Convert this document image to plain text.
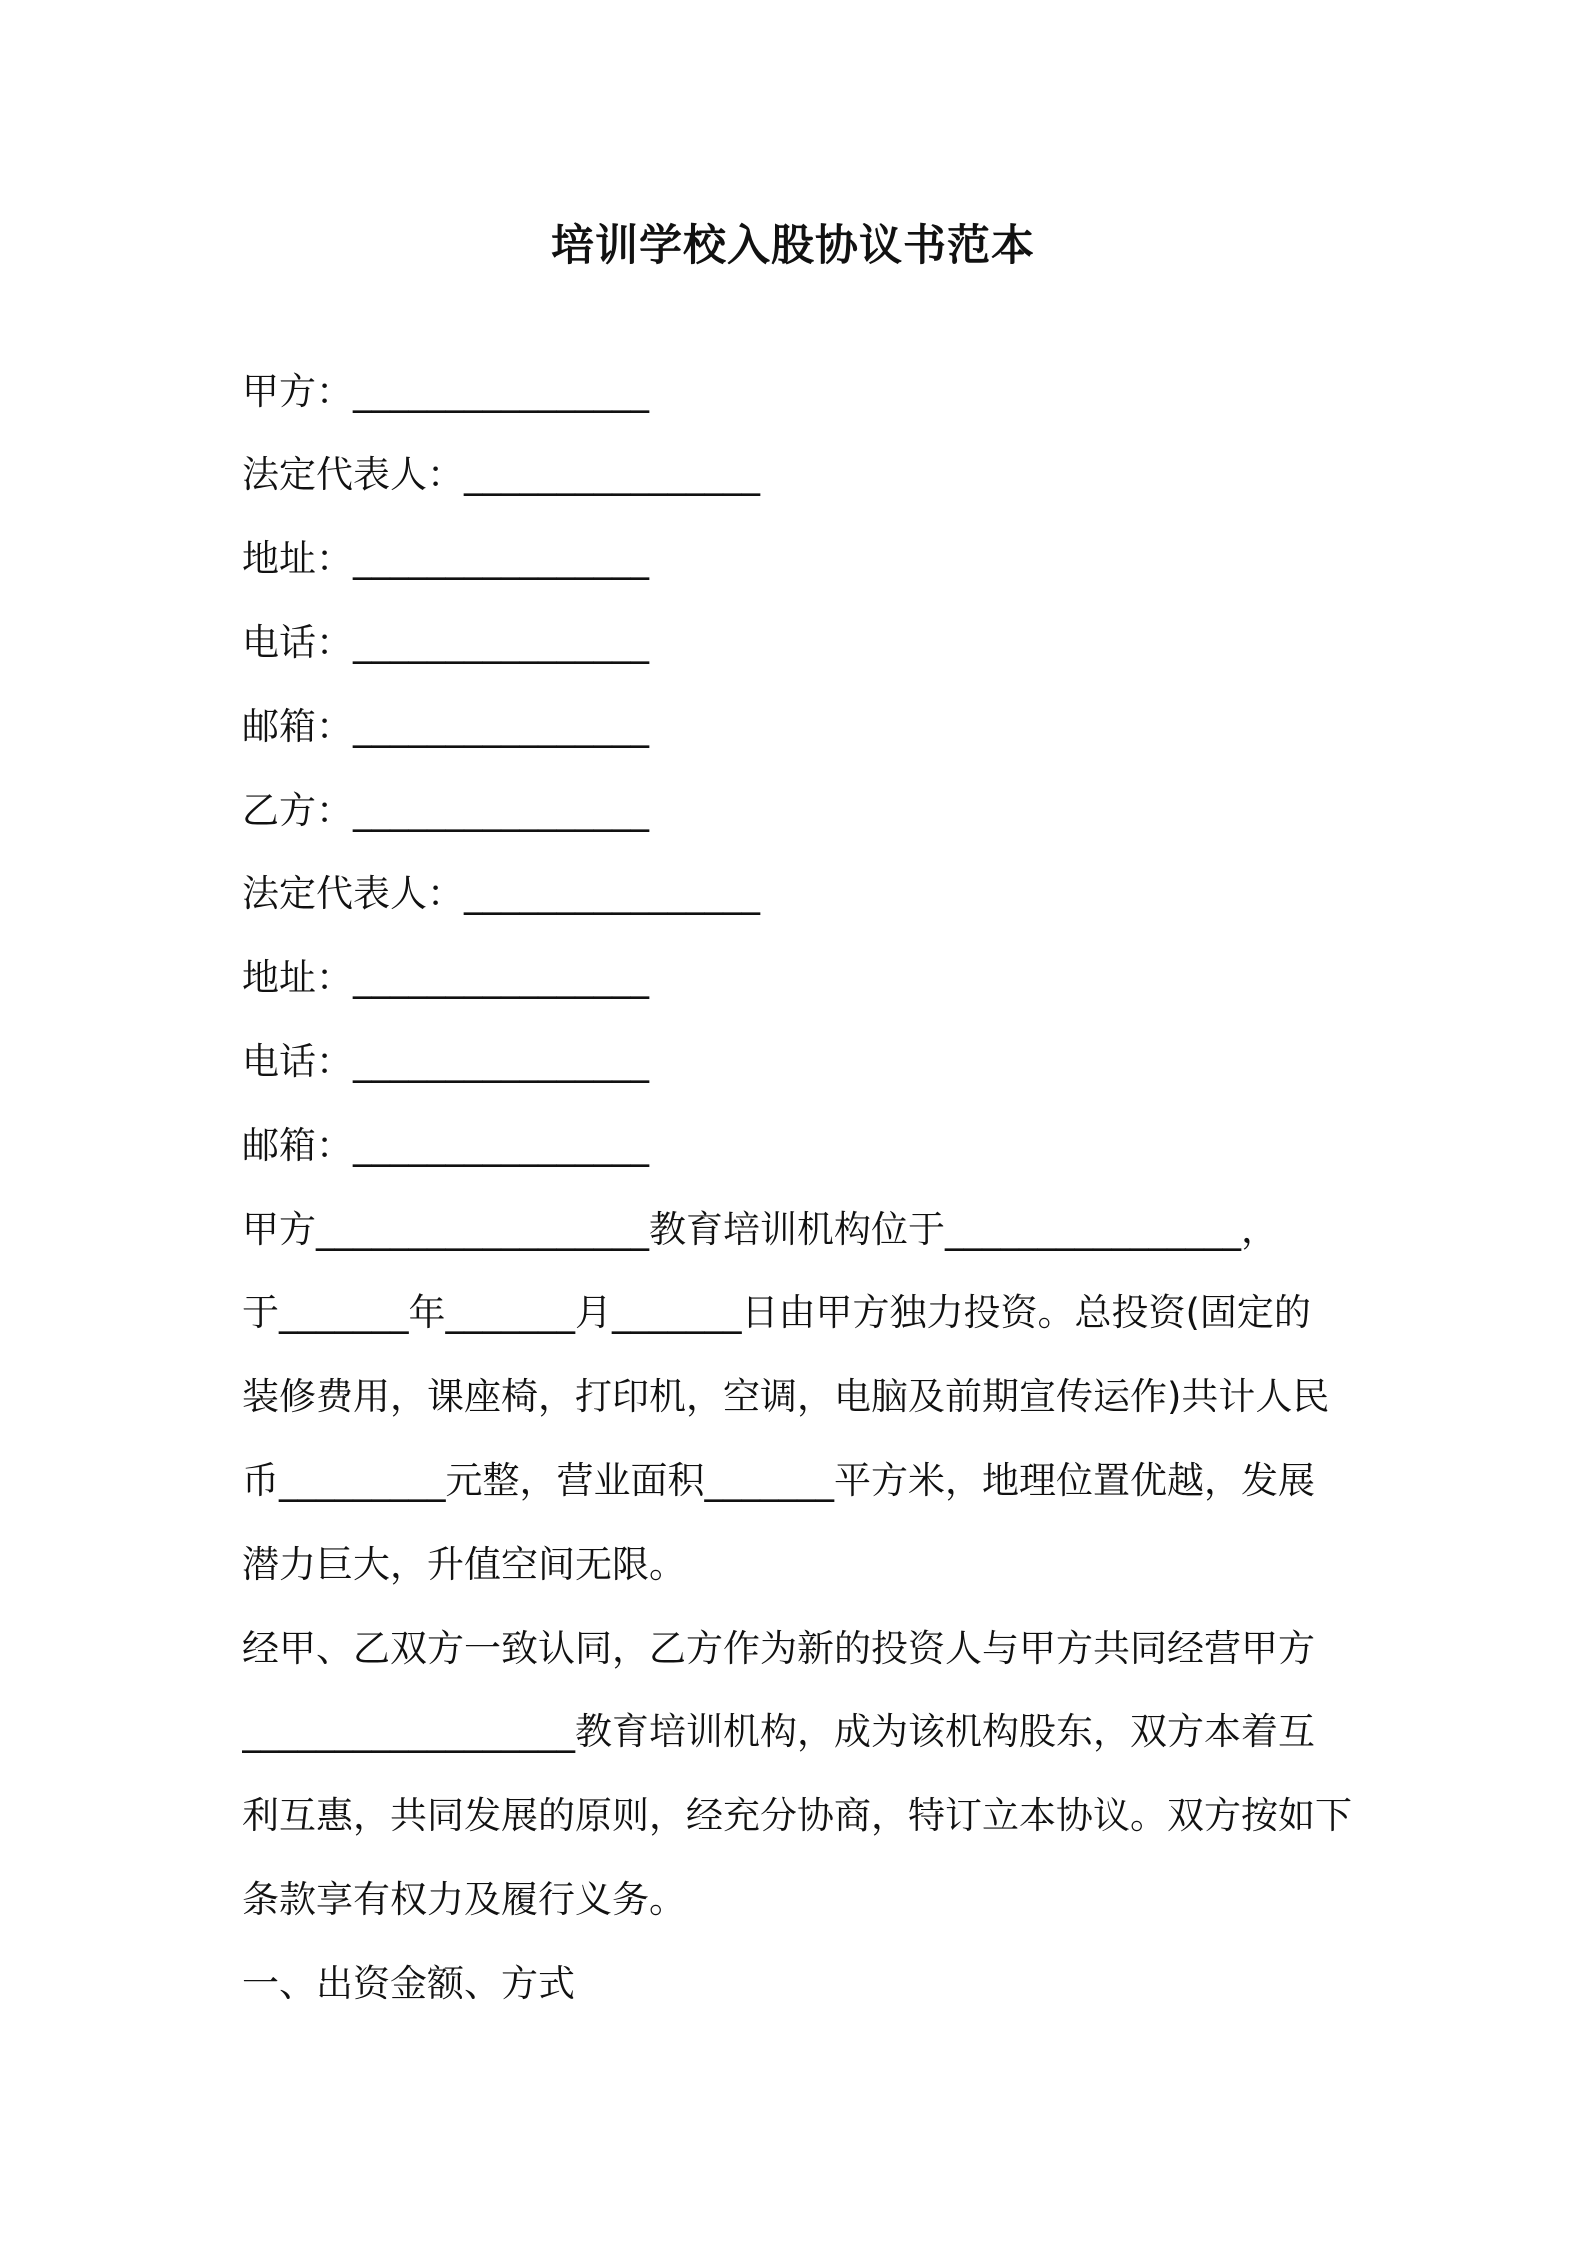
培训学校入股协议书范本
甲方：________________
法定代表人：________________
地址：________________
电话：________________
邮箱：________________
乙方：________________
法定代表人：________________
地址：________________
电话：________________
邮箱：________________
甲方__________________教育培训机构位于________________，
于_______年_______月_______日由甲方独力投资。总投资(固定的
装修费用，课座椅，打印机，空调，电脑及前期宣传运作)共计人民
币_________元整，营业面积_______平方米，地理位置优越，发展
潜力巨大，升值空间无限。
经甲、乙双方一致认同，乙方作为新的投资人与甲方共同经营甲方
__________________教育培训机构，成为该机构股东，双方本着互
利互惠，共同发展的原则，经充分协商，特订立本协议。双方按如下
条款享有权力及履行义务。
一、出资金额、方式
